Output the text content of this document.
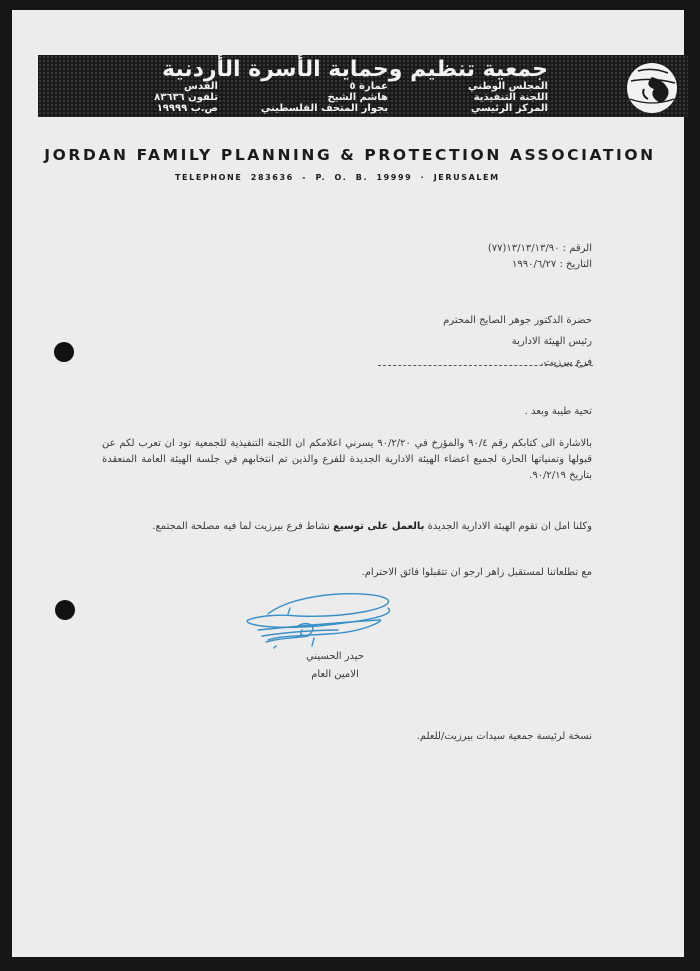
جمعية تنظيم وحماية الأسرة الأردنية
المجلس الوطني
اللجنة التنفيذية
المركز الرئيسي
عمارة ٥
هاشم الشيخ
بجوار المتحف الفلسطيني
القدس
تلفون ٨٣٦٣٦
ص.ب ١٩٩٩٩
JORDAN FAMILY PLANNING & PROTECTION ASSOCIATION
TELEPHONE 283636 - P. O. B. 19999 · JERUSALEM
الرقم : ١٣/١٣/١٣/٩٠(٧٧)
التاريخ : ١٩٩٠/٦/٢٧
حضرة الدكتور جوهر الصايج المحترم
رئيس الهيئة الادارية
فرع بيرزيت.
تحية طيبة وبعد .
بالاشارة الى كتابكم رقم ٩٠/٤ والمؤرخ في ٩٠/٢/٢٠ يسرني اعلامكم ان اللجنة التنفيذية للجمعية تود ان تعرب لكم عن قبولها وتمنياتها الحارة لجميع اعضاء الهيئة الادارية الجديدة للفرع والذين تم انتخابهم في جلسة الهيئة العامة المنعقدة بتاريخ ٩٠/٢/١٩.
وكلنا امل ان تقوم الهيئة الادارية الجديدة بالعمل على توسيع نشاط فرع بيرزيت لما فيه مصلحة المجتمع.
مع تطلعاتنا لمستقبل زاهر ارجو ان تتقبلوا فائق الاحترام.
حيدر الحسيني
الامين العام
نسخة لرئيسة جمعية سيدات بيرزيت/للعلم.
